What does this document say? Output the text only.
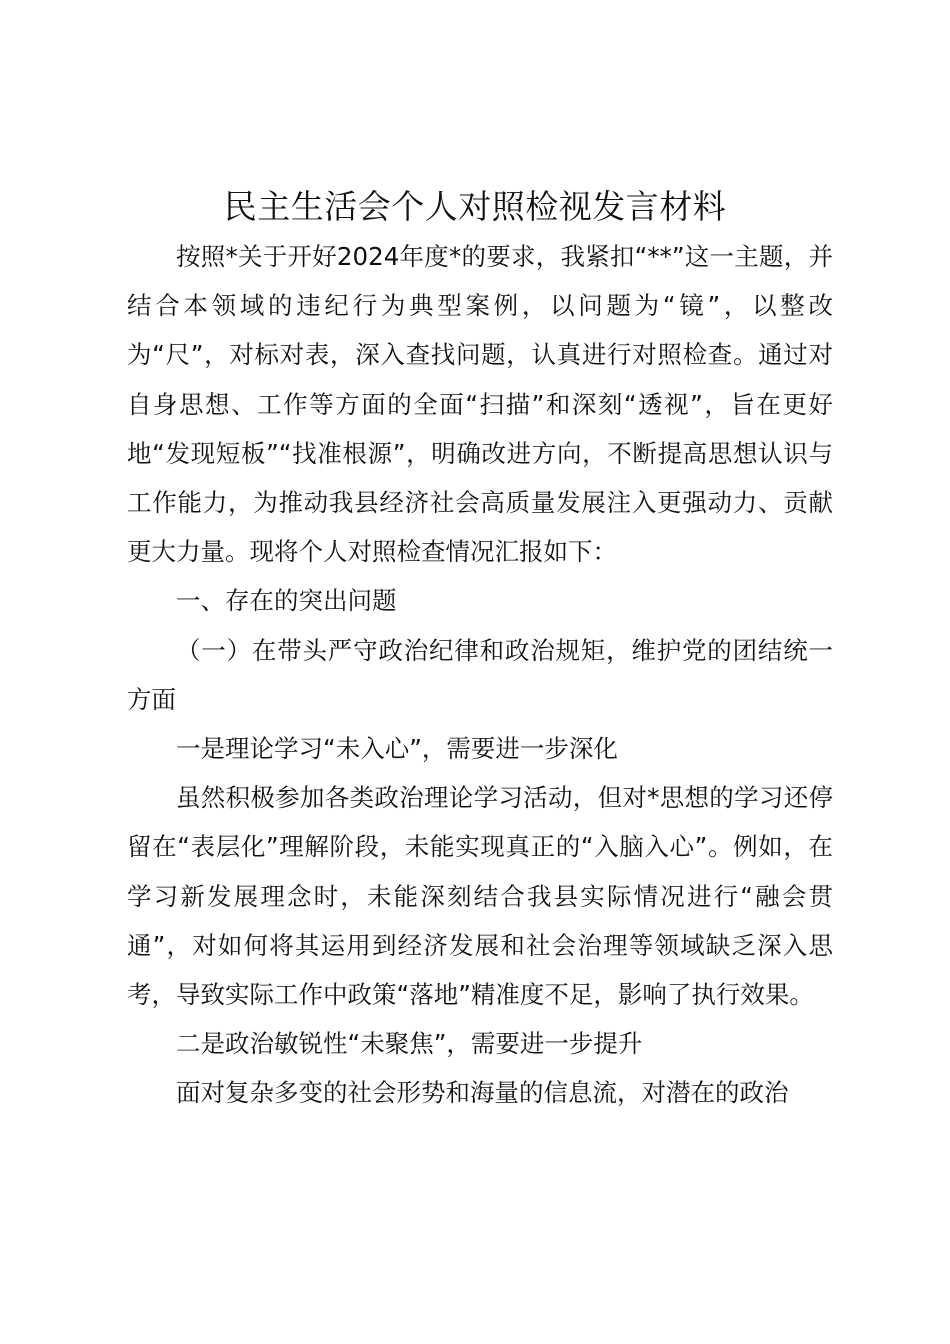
民主生活会个人对照检视发言材料

按照*关于开好2024年度*的要求，我紧扣“**”这一主题，并结合本领域的违纪行为典型案例，以问题为“镜”，以整改为“尺”，对标对表，深入查找问题，认真进行对照检查。通过对自身思想、工作等方面的全面“扫描”和深刻“透视”，旨在更好地“发现短板”“找准根源”，明确改进方向，不断提高思想认识与工作能力，为推动我县经济社会高质量发展注入更强动力、贡献更大力量。现将个人对照检查情况汇报如下：

一、存在的突出问题

（一）在带头严守政治纪律和政治规矩，维护党的团结统一方面

一是理论学习“未入心”，需要进一步深化

虽然积极参加各类政治理论学习活动，但对*思想的学习还停留在“表层化”理解阶段，未能实现真正的“入脑入心”。例如，在学习新发展理念时，未能深刻结合我县实际情况进行“融会贯通”，对如何将其运用到经济发展和社会治理等领域缺乏深入思考，导致实际工作中政策“落地”精准度不足，影响了执行效果。

二是政治敏锐性“未聚焦”，需要进一步提升

面对复杂多变的社会形势和海量的信息流，对潜在的政治
